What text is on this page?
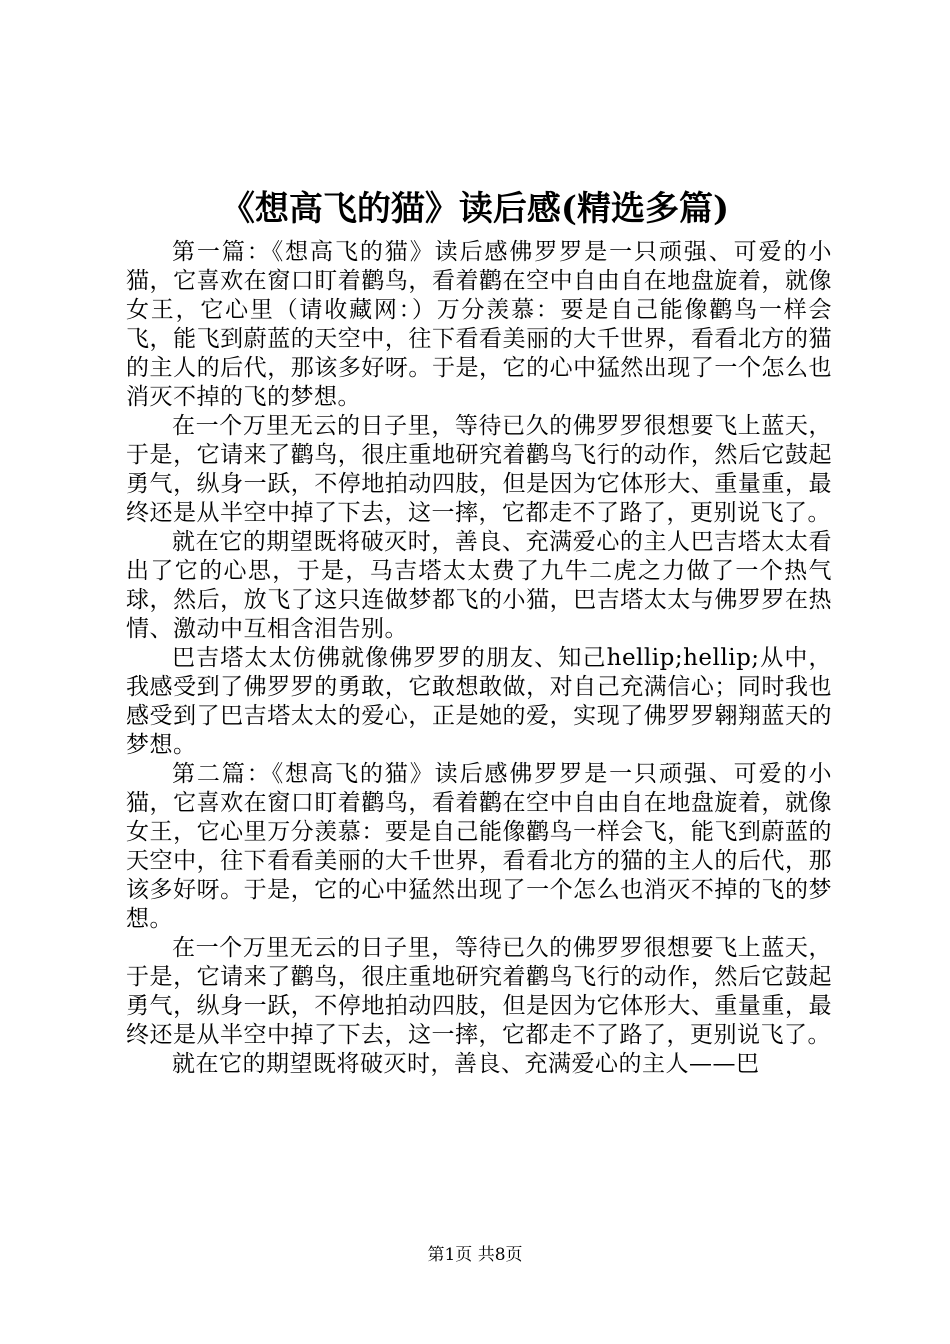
《想高飞的猫》读后感(精选多篇)

第一篇：《想高飞的猫》读后感佛罗罗是一只顽强、可爱的小猫，它喜欢在窗口盯着鹳鸟，看着鹳在空中自由自在地盘旋着，就像女王，它心里（请收藏网：）万分羡慕：要是自己能像鹳鸟一样会飞，能飞到蔚蓝的天空中，往下看看美丽的大千世界，看看北方的猫的主人的后代，那该多好呀。于是，它的心中猛然出现了一个怎么也消灭不掉的飞的梦想。

在一个万里无云的日子里，等待已久的佛罗罗很想要飞上蓝天，于是，它请来了鹳鸟，很庄重地研究着鹳鸟飞行的动作，然后它鼓起勇气，纵身一跃，不停地拍动四肢，但是因为它体形大、重量重，最终还是从半空中掉了下去，这一摔，它都走不了路了，更别说飞了。

就在它的期望既将破灭时，善良、充满爱心的主人巴吉塔太太看出了它的心思，于是，马吉塔太太费了九牛二虎之力做了一个热气球，然后，放飞了这只连做梦都飞的小猫，巴吉塔太太与佛罗罗在热情、激动中互相含泪告别。

巴吉塔太太仿佛就像佛罗罗的朋友、知己hellip;hellip;从中，我感受到了佛罗罗的勇敢，它敢想敢做，对自己充满信心；同时我也感受到了巴吉塔太太的爱心，正是她的爱，实现了佛罗罗翱翔蓝天的梦想。

第二篇：《想高飞的猫》读后感佛罗罗是一只顽强、可爱的小猫，它喜欢在窗口盯着鹳鸟，看着鹳在空中自由自在地盘旋着，就像女王，它心里万分羡慕：要是自己能像鹳鸟一样会飞，能飞到蔚蓝的天空中，往下看看美丽的大千世界，看看北方的猫的主人的后代，那该多好呀。于是，它的心中猛然出现了一个怎么也消灭不掉的飞的梦想。

在一个万里无云的日子里，等待已久的佛罗罗很想要飞上蓝天，于是，它请来了鹳鸟，很庄重地研究着鹳鸟飞行的动作，然后它鼓起勇气，纵身一跃，不停地拍动四肢，但是因为它体形大、重量重，最终还是从半空中掉了下去，这一摔，它都走不了路了，更别说飞了。

就在它的期望既将破灭时，善良、充满爱心的主人——巴

第1页 共8页
